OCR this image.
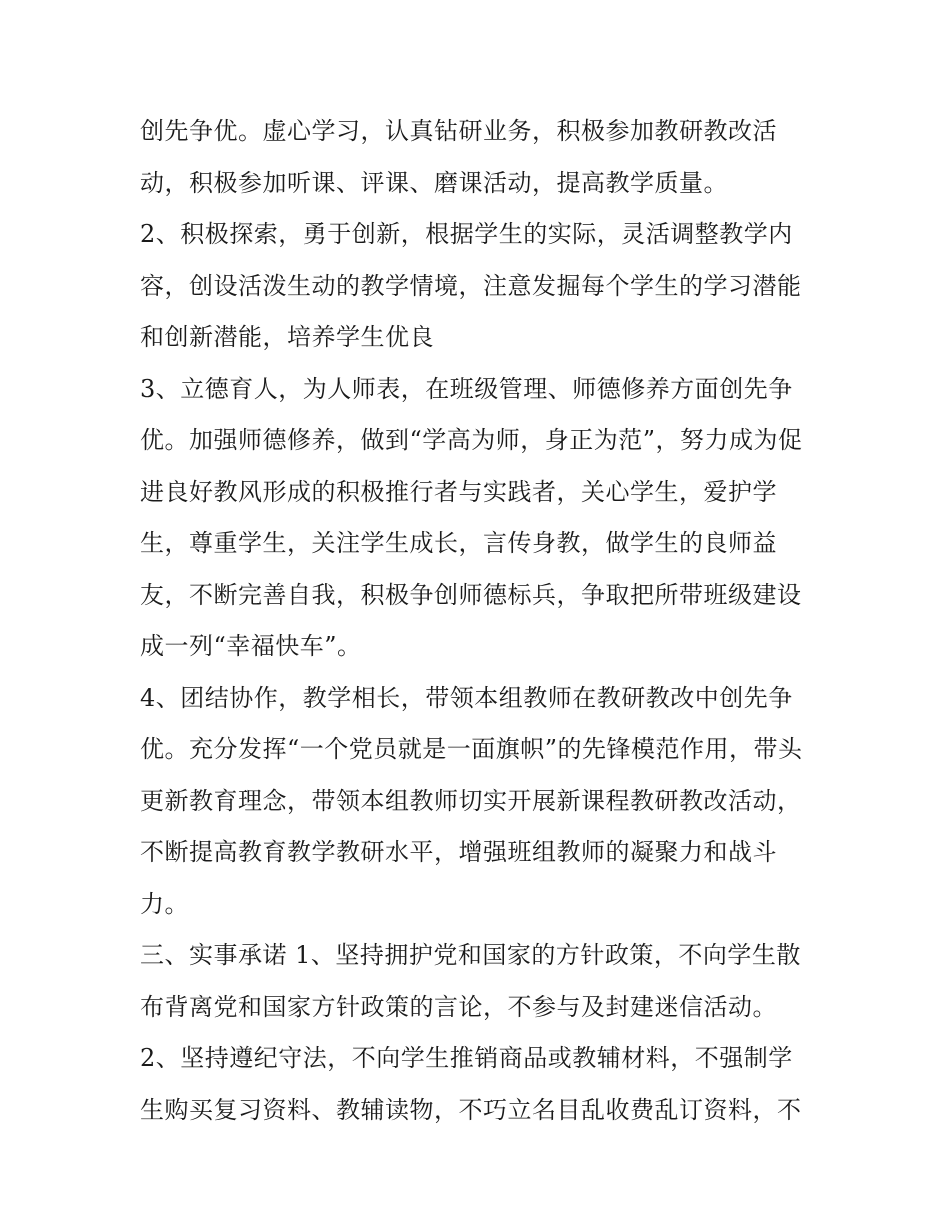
创先争优。虚心学习，认真钻研业务，积极参加教研教改活
动，积极参加听课、评课、磨课活动，提高教学质量。
2、积极探索，勇于创新，根据学生的实际，灵活调整教学内
容，创设活泼生动的教学情境，注意发掘每个学生的学习潜能
和创新潜能，培养学生优良
3、立德育人，为人师表，在班级管理、师德修养方面创先争
优。加强师德修养，做到“学高为师，身正为范”，努力成为促
进良好教风形成的积极推行者与实践者，关心学生，爱护学
生，尊重学生，关注学生成长，言传身教，做学生的良师益
友，不断完善自我，积极争创师德标兵，争取把所带班级建设
成一列“幸福快车”。
4、团结协作，教学相长，带领本组教师在教研教改中创先争
优。充分发挥“一个党员就是一面旗帜”的先锋模范作用，带头
更新教育理念，带领本组教师切实开展新课程教研教改活动，
不断提高教育教学教研水平，增强班组教师的凝聚力和战斗
力。
三、实事承诺 1、坚持拥护党和国家的方针政策，不向学生散
布背离党和国家方针政策的言论，不参与及封建迷信活动。
2、坚持遵纪守法，不向学生推销商品或教辅材料，不强制学
生购买复习资料、教辅读物，不巧立名目乱收费乱订资料，不
